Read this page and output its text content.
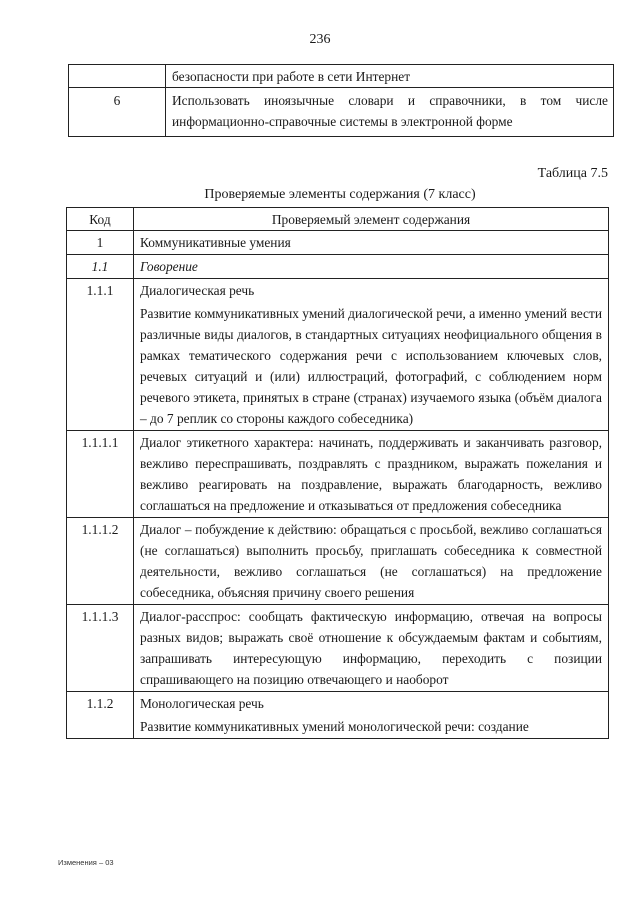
236
	безопасности при работе в сети Интернет
6	Использовать иноязычные словари и справочники, в том числе информационно-справочные системы в электронной форме
Таблица 7.5
Проверяемые элементы содержания (7 класс)
Код	Проверяемый элемент содержания
1	Коммуникативные умения
1.1	Говорение
1.1.1	Диалогическая речь
Развитие коммуникативных умений диалогической речи, а именно умений вести различные виды диалогов, в стандартных ситуациях неофициального общения в рамках тематического содержания речи с использованием ключевых слов, речевых ситуаций и (или) иллюстраций, фотографий, с соблюдением норм речевого этикета, принятых в стране (странах) изучаемого языка (объём диалога – до 7 реплик со стороны каждого собеседника)

1.1.1.1	Диалог этикетного характера: начинать, поддерживать и заканчивать разговор, вежливо переспрашивать, поздравлять с праздником, выражать пожелания и вежливо реагировать на поздравление, выражать благодарность, вежливо соглашаться на предложение и отказываться от предложения собеседника
1.1.1.2	Диалог – побуждение к действию: обращаться с просьбой, вежливо соглашаться (не соглашаться) выполнить просьбу, приглашать собеседника к совместной деятельности, вежливо соглашаться (не соглашаться) на предложение собеседника, объясняя причину своего решения
1.1.1.3	Диалог-расспрос: сообщать фактическую информацию, отвечая на вопросы разных видов; выражать своё отношение к обсуждаемым фактам и событиям, запрашивать интересующую информацию, переходить с позиции спрашивающего на позицию отвечающего и наоборот
1.1.2	Монологическая речь
Развитие коммуникативных умений монологической речи: создание
Изменения – 03
